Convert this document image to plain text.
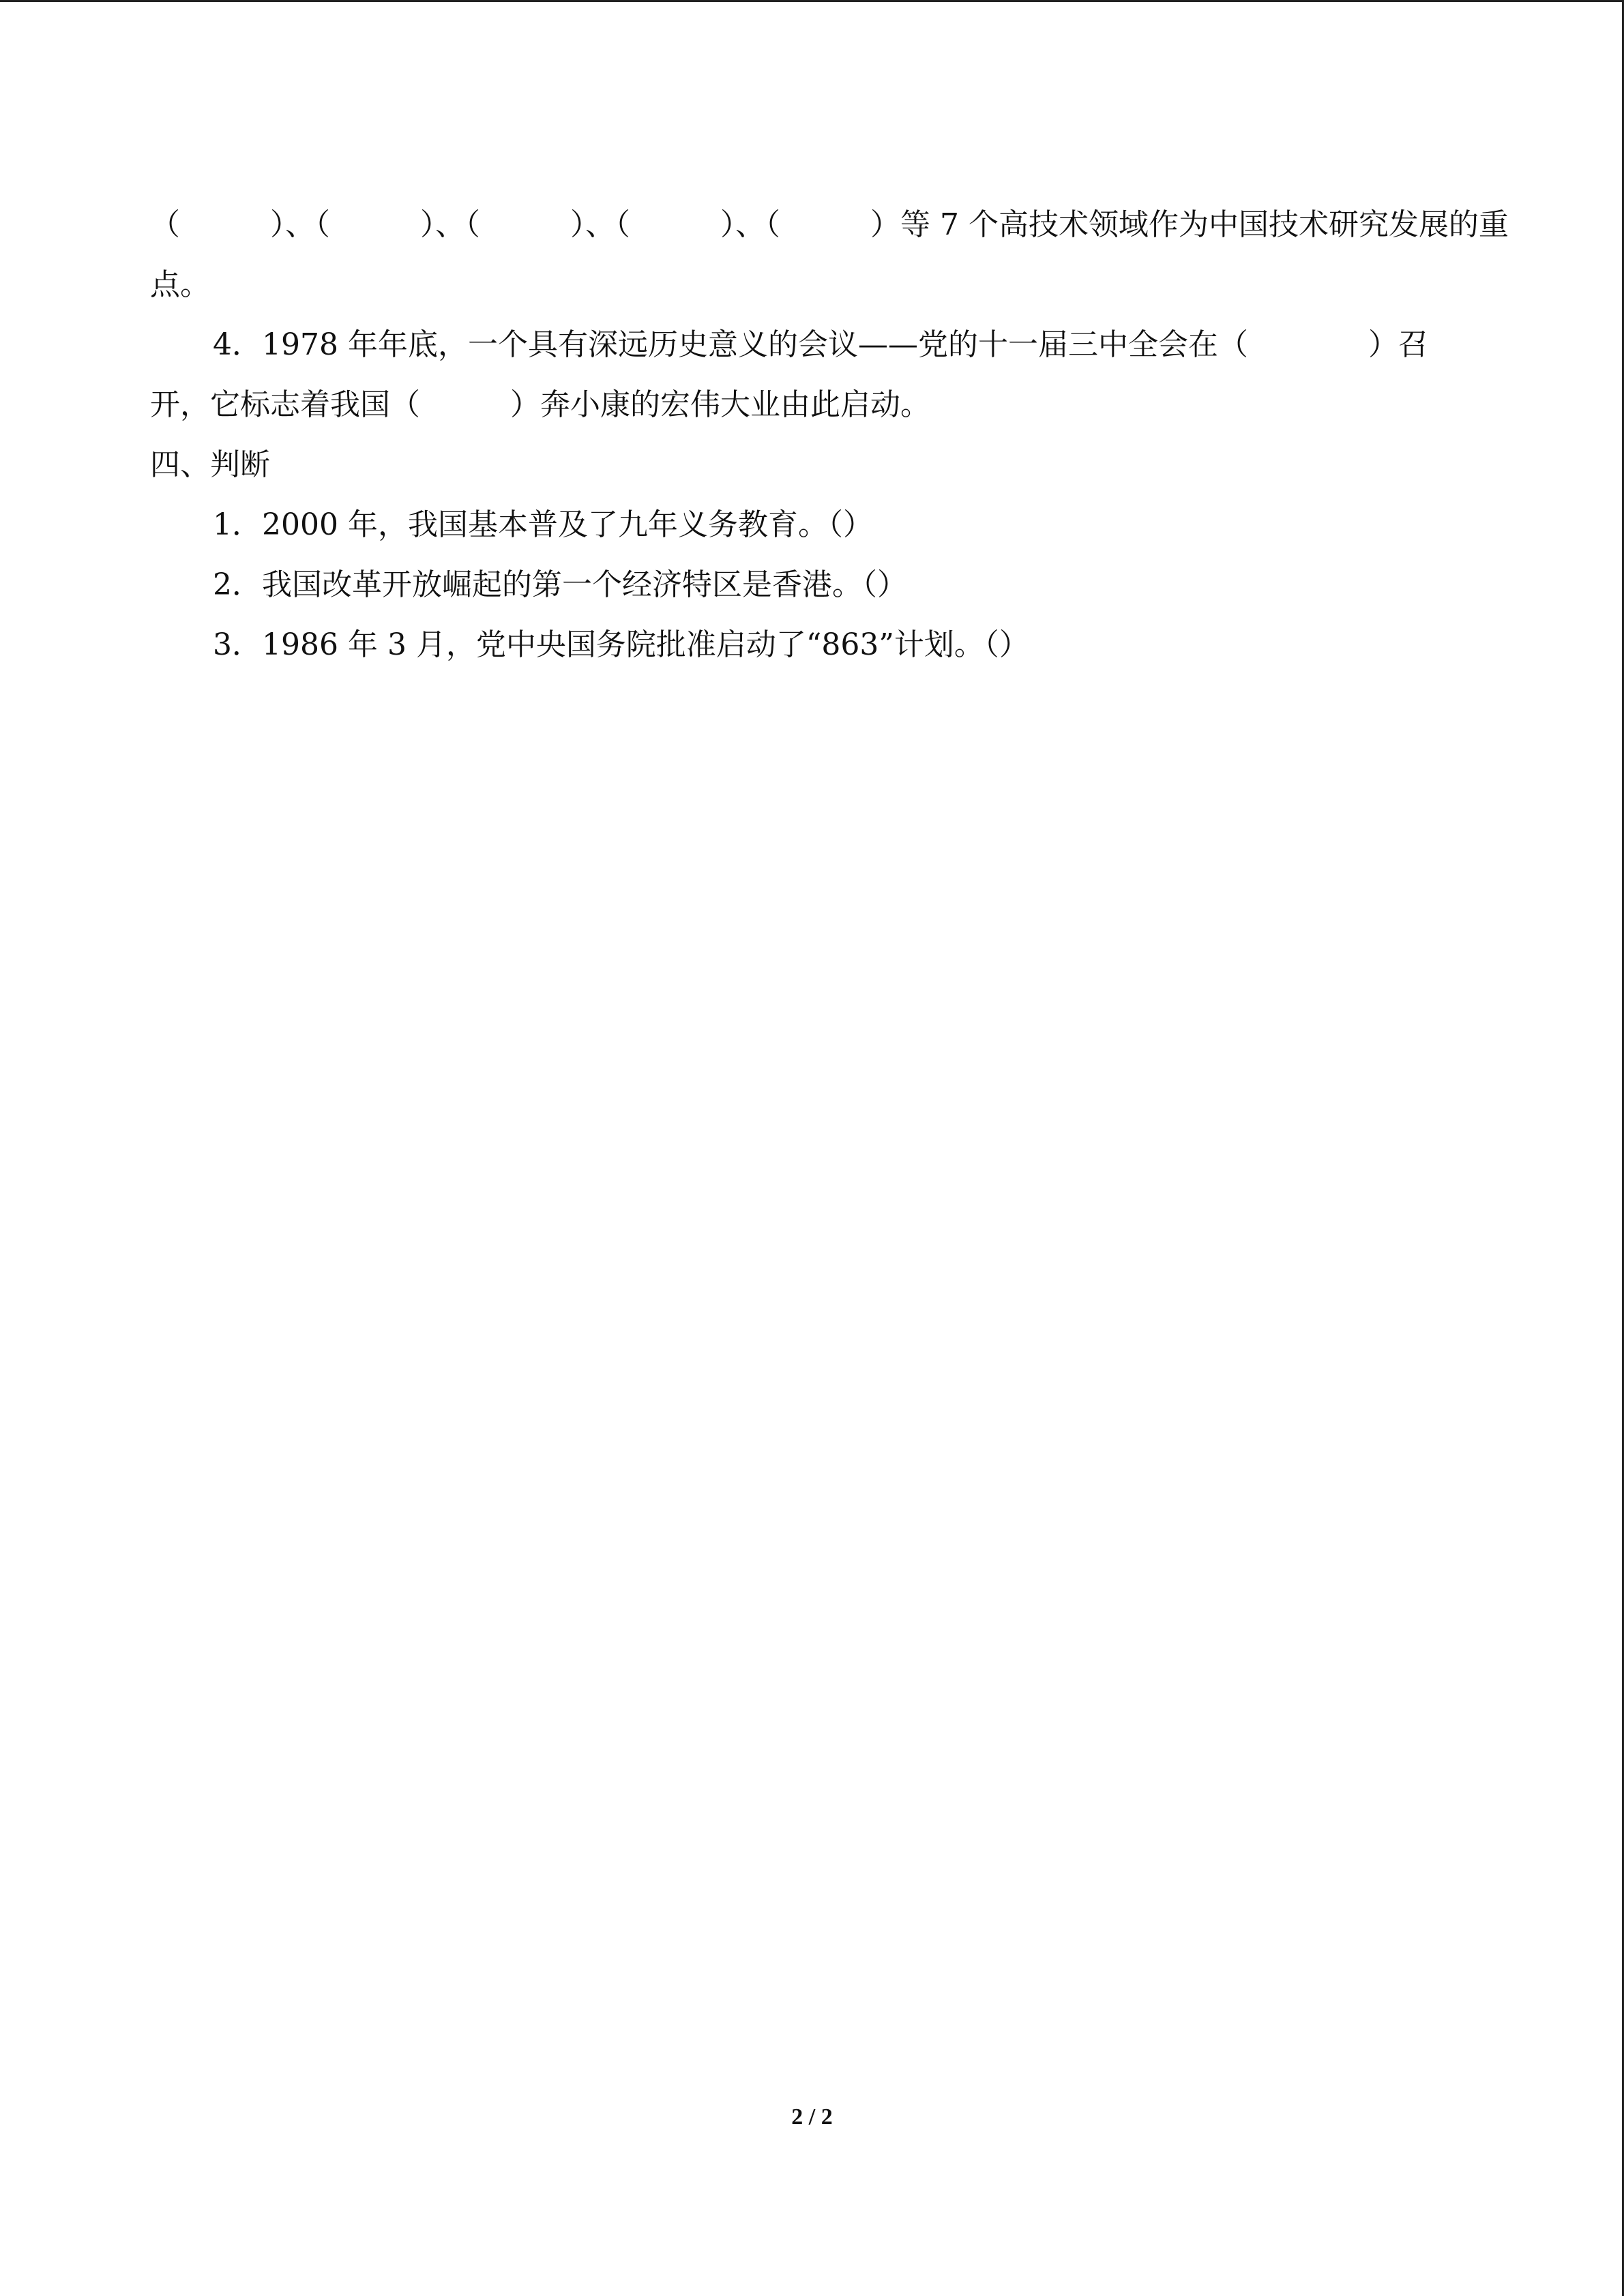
（　　　）、（　　　）、（　　　）、（　　　）、（　　　）等 7 个高技术领域作为中国技术研究发展的重
点。
4．1978 年年底，一个具有深远历史意义的会议——党的十一届三中全会在（　　　　）召
开，它标志着我国（　　　）奔小康的宏伟大业由此启动。
四、判断
1．2000 年，我国基本普及了九年义务教育。（）
2．我国改革开放崛起的第一个经济特区是香港。（）
3．1986 年 3 月，党中央国务院批准启动了“863”计划。（）
2 / 2
